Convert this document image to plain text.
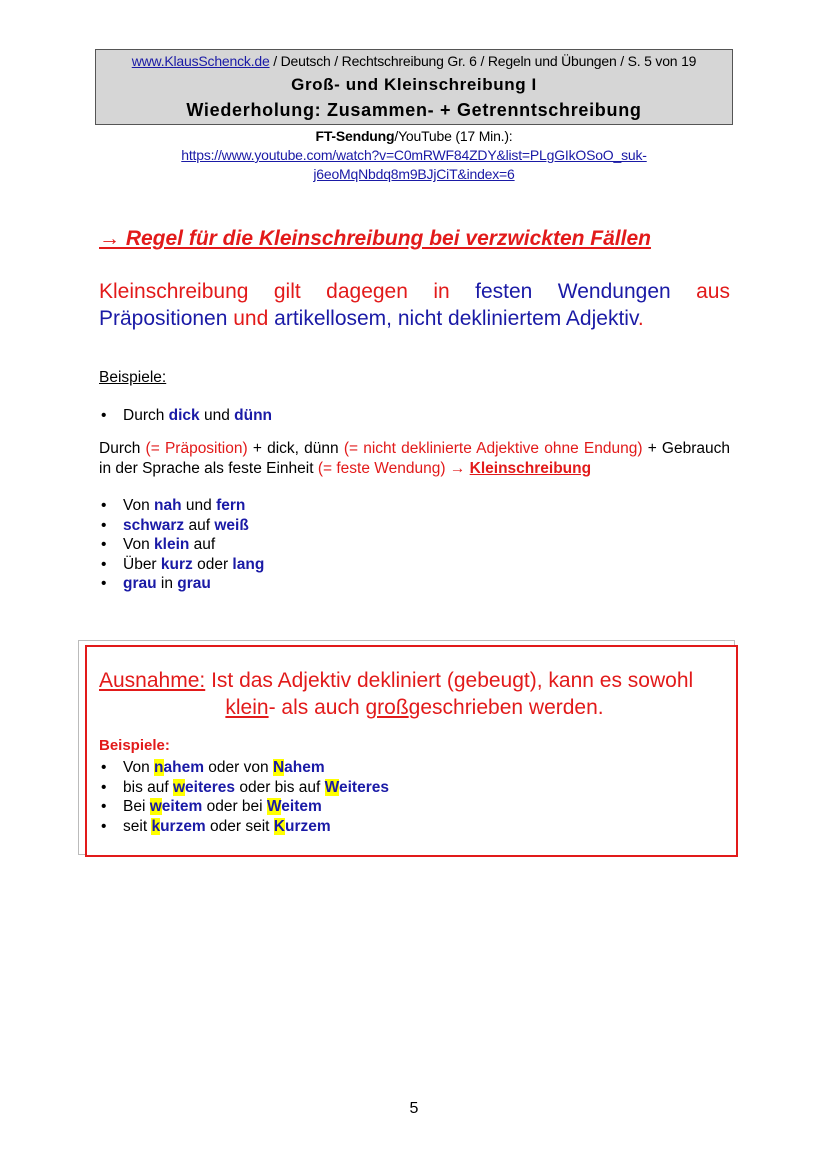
www.KlausSchenck.de / Deutsch / Rechtschreibung Gr. 6 / Regeln und Übungen / S. 5 von 19
Groß- und Kleinschreibung I
Wiederholung: Zusammen- + Getrenntschreibung
FT-Sendung/YouTube (17 Min.):
https://www.youtube.com/watch?v=C0mRWF84ZDY&list=PLgGIkOSoO_suk-
j6eoMqNbdq8m9BJjCiT&index=6
→ Regel für die Kleinschreibung bei verzwickten Fällen
Kleinschreibung gilt dagegen in festen Wendungen aus Präpositionen und artikellosem, nicht dekliniertem Adjektiv.
Beispiele:
• Durch dick und dünn
Durch (= Präposition) + dick, dünn (= nicht deklinierte Adjektive ohne Endung) + Gebrauch in der Sprache als feste Einheit (= feste Wendung) → Kleinschreibung
• Von nah und fern
• schwarz auf weiß
• Von klein auf
• Über kurz oder lang
• grau in grau
Ausnahme: Ist das Adjektiv dekliniert (gebeugt), kann es sowohl
klein- als auch großgeschrieben werden.
Beispiele:
• Von nahem oder von Nahem
• bis auf weiteres oder bis auf Weiteres
• Bei weitem oder bei Weitem
• seit kurzem oder seit Kurzem
5
